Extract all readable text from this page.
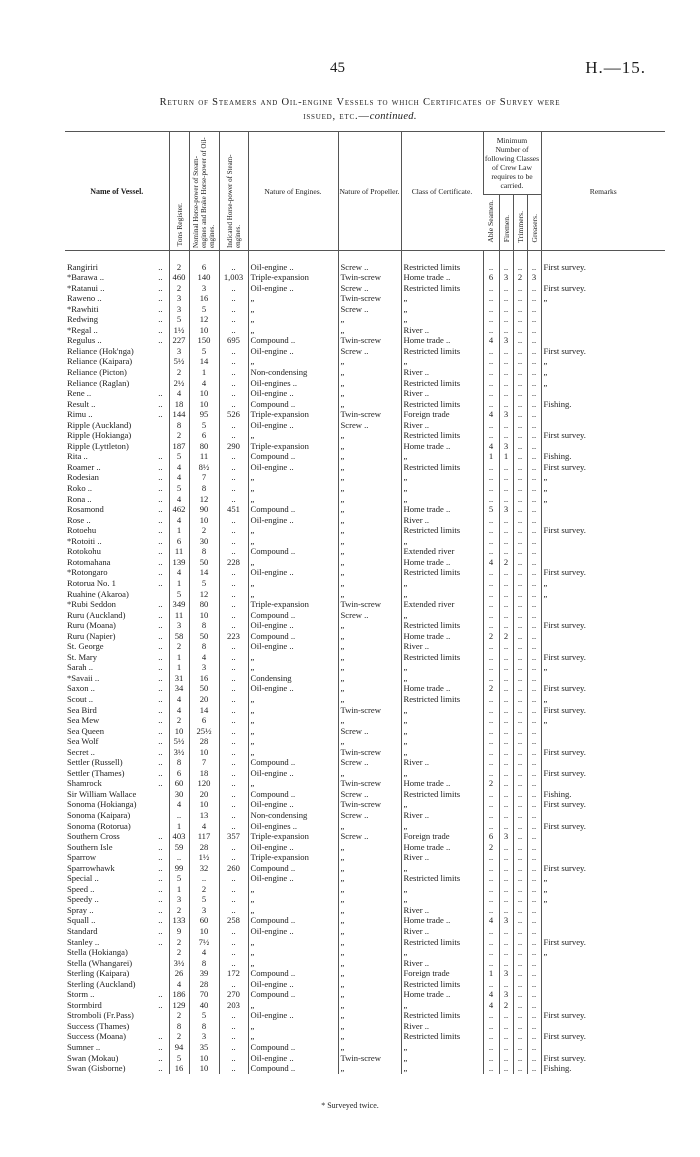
45	H.—15.
Return of Steamers and Oil-engine Vessels to which Certificates of Survey were
issued, etc.—continued.
Name of Vessel.	Tons Register.	Nominal Horse-power of Steam-engines and Brake Horse-power of Oil-engines.	Indicated Horse-power of Steam-engines.	Nature of Engines.	Nature of Propeller.	Class of Certificate.	Minimum Number of following Classes of Crew Law requires to be carried.				Remarks

							Able Seamen.	Firemen.	Trimmers.	Greasers.	

Rangiriri ..	2	6	..	Oil-engine ..	Screw ..	Restricted limits	..	..	..	..	First survey.
*Barawa .. ..	460	140	1,003	Triple-expansion	Twin-screw	Home trade ..	6	3	2	3	
*Ratanui .. ..	2	3	..	Oil-engine ..	Screw ..	Restricted limits	..	..	..	..	First survey.
Raweno .. ..	3	16	..	„	Twin-screw	„	..	..	..	..	„
*Rawhiti ..	3	5	..	„	Screw ..	„	..	..	..	..	
Redwing ..	5	12	..	„	„	„	..	..	..	..	
*Regal .. ..	1½	10	..	„	„	River ..	..	..	..	..	
Regulus .. ..	227	150	695	Compound ..	Twin-screw	Home trade ..	4	3	..	..	
Reliance (Hok'nga)	3	5	..	Oil-engine ..	Screw ..	Restricted limits	..	..	..	..	First survey.
Reliance (Kaipara)	5½	14	..	„	„	„	..	..	..	..	„
Reliance (Picton)	2	1	..	Non-condensing	„	River ..	..	..	..	..	„
Reliance (Raglan)	2½	4	..	Oil-engines ..	„	Restricted limits	..	..	..	..	„
Rene .. ..	4	10	..	Oil-engine ..	„	River ..	..	..	..	..	
Result .. ..	18	10	..	Compound ..	„	Restricted limits	..	..	..	..	Fishing.
Rimu .. ..	144	95	526	Triple-expansion	Twin-screw	Foreign trade	4	3	..	..	
Ripple (Auckland)	8	5	..	Oil-engine ..	Screw ..	River ..	..	..	..	..	
Ripple (Hokianga)	2	6	..	„	„	Restricted limits	..	..	..	..	First survey.
Ripple (Lyttleton)	187	80	290	Triple-expansion	„	Home trade ..	4	3	..	..	
Rita .. ..	5	11	..	Compound ..	„	„	1	1	..	..	Fishing.
Roamer .. ..	4	8½	..	Oil-engine ..	„	Restricted limits	..	..	..	..	First survey.
Rodesian ..	4	7	..	„	„	„	..	..	..	..	„
Roko .. ..	5	8	..	„	„	„	..	..	..	..	„
Rona .. ..	4	12	..	„	„	„	..	..	..	..	„
Rosamond ..	462	90	451	Compound ..	„	Home trade ..	5	3	..	..	
Rose .. ..	4	10	..	Oil-engine ..	„	River ..	..	..	..	..	
Rotoehu ..	1	2	..	„	„	Restricted limits	..	..	..	..	First survey.
*Rotoiti .. ..	6	30	..	„	„	„	..	..	..	..	
Rotokohu ..	11	8	..	Compound ..	„	Extended river	..	..	..	..	
Rotomahana ..	139	50	228	„	„	Home trade ..	4	2	..	..	
*Rotongaro ..	4	14	..	Oil-engine ..	„	Restricted limits	..	..	..	..	First survey.
Rotorua No. 1 ..	1	5	..	„	„	„	..	..	..	..	„
Ruahine (Akaroa)	5	12	..	„	„	„	..	..	..	..	„
*Rubi Seddon ..	349	80	..	Triple-expansion	Twin-screw	Extended river	..	..	..	..	
Ruru (Auckland) ..	11	10	..	Compound ..	Screw ..	„	..	..	..	..	
Ruru (Moana) ..	3	8	..	Oil-engine ..	„	Restricted limits	..	..	..	..	First survey.
Ruru (Napier) ..	58	50	223	Compound ..	„	Home trade ..	2	2	..	..	
St. George ..	2	8	..	Oil-engine ..	„	River ..	..	..	..	..	
St. Mary ..	1	4	..	„	„	Restricted limits	..	..	..	..	First survey.
Sarah .. ..	1	3	..	„	„	„	..	..	..	..	„
*Savaii .. ..	31	16	..	Condensing	„	„	..	..	..	..	
Saxon .. ..	34	50	..	Oil-engine ..	„	Home trade ..	2	..	..	..	First survey.
Scout .. ..	4	20	..	„	„	Restricted limits	..	..	..	..	„
Sea Bird ..	4	14	..	„	Twin-screw	„	..	..	..	..	First survey.
Sea Mew ..	2	6	..	„	„	„	..	..	..	..	„
Sea Queen ..	10	25½	..	„	Screw ..	„	..	..	..	..	
Sea Wolf ..	5½	28	..	„	„	„	..	..	..	..	
Secret .. ..	3½	10	..	„	Twin-screw	„	..	..	..	..	First survey.
Settler (Russell) ..	8	7	..	Compound ..	Screw ..	River ..	..	..	..	..	
Settler (Thames) ..	6	18	..	Oil-engine ..	„	„	..	..	..	..	First survey.
Shamrock ..	60	120	..	„	Twin-screw	Home trade ..	2	..	..	..	
Sir William Wallace	30	20	..	Compound ..	Screw ..	Restricted limits	..	..	..	..	Fishing.
Sonoma (Hokianga)	4	10	..	Oil-engine ..	Twin-screw	„	..	..	..	..	First survey.
Sonoma (Kaipara)	..	13	..	Non-condensing	Screw ..	River ..	..	..	..	..	
Sonoma (Rotorua)	1	4	..	Oil-engines ..	„	„	..	..	..	..	First survey.
Southern Cross ..	403	117	357	Triple-expansion	Screw ..	Foreign trade	6	3	..	..	
Southern Isle ..	59	28	..	Oil-engine ..	„	Home trade ..	2	..	..	..	
Sparrow ..	..	1½	..	Triple-expansion	„	River ..	..	..	..	..	
Sparrowhawk ..	99	32	260	Compound ..	„	„	..	..	..	..	First survey.
Special .. ..	5	..	..	Oil-engine ..	„	Restricted limits	..	..	..	..	„
Speed .. ..	1	2	..	„	„	„	..	..	..	..	„
Speedy .. ..	3	5	..	„	„	„	..	..	..	..	„
Spray .. ..	2	3	..	„	„	River ..	..	..	..	..	
Squall .. ..	133	60	258	Compound ..	„	Home trade ..	4	3	..	..	
Standard ..	9	10	..	Oil-engine ..	„	River ..	..	..	..	..	
Stanley .. ..	2	7½	..	„	„	Restricted limits	..	..	..	..	First survey.
Stella (Hokianga)	2	4	..	„	„	„	..	..	..	..	„
Stella (Whangarei)	3½	8	..	„	„	River ..	..	..	..	..	
Sterling (Kaipara)	26	39	172	Compound ..	„	Foreign trade	1	3	..	..	
Sterling (Auckland)	4	28	..	Oil-engine ..	„	Restricted limits	..	..	..	..	
Storm .. ..	186	70	270	Compound ..	„	Home trade ..	4	3	..	..	
Stormbird ..	129	40	203	„	„	„	4	2	..	..	
Stromboli (Fr.Pass)	2	5	..	Oil-engine ..	„	Restricted limits	..	..	..	..	First survey.
Success (Thames)	8	8	..	„	„	River ..	..	..	..	..	
Success (Moana) ..	2	3	..	„	„	Restricted limits	..	..	..	..	First survey.
Sumner .. ..	94	35	..	Compound ..	„	„	..	..	..	..	
Swan (Mokau) ..	5	10	..	Oil-engine ..	Twin-screw	„	..	..	..	..	First survey.
Swan (Gisborne) ..	16	10	..	Compound ..	„	„	..	..	..	..	Fishing.
* Surveyed twice.
